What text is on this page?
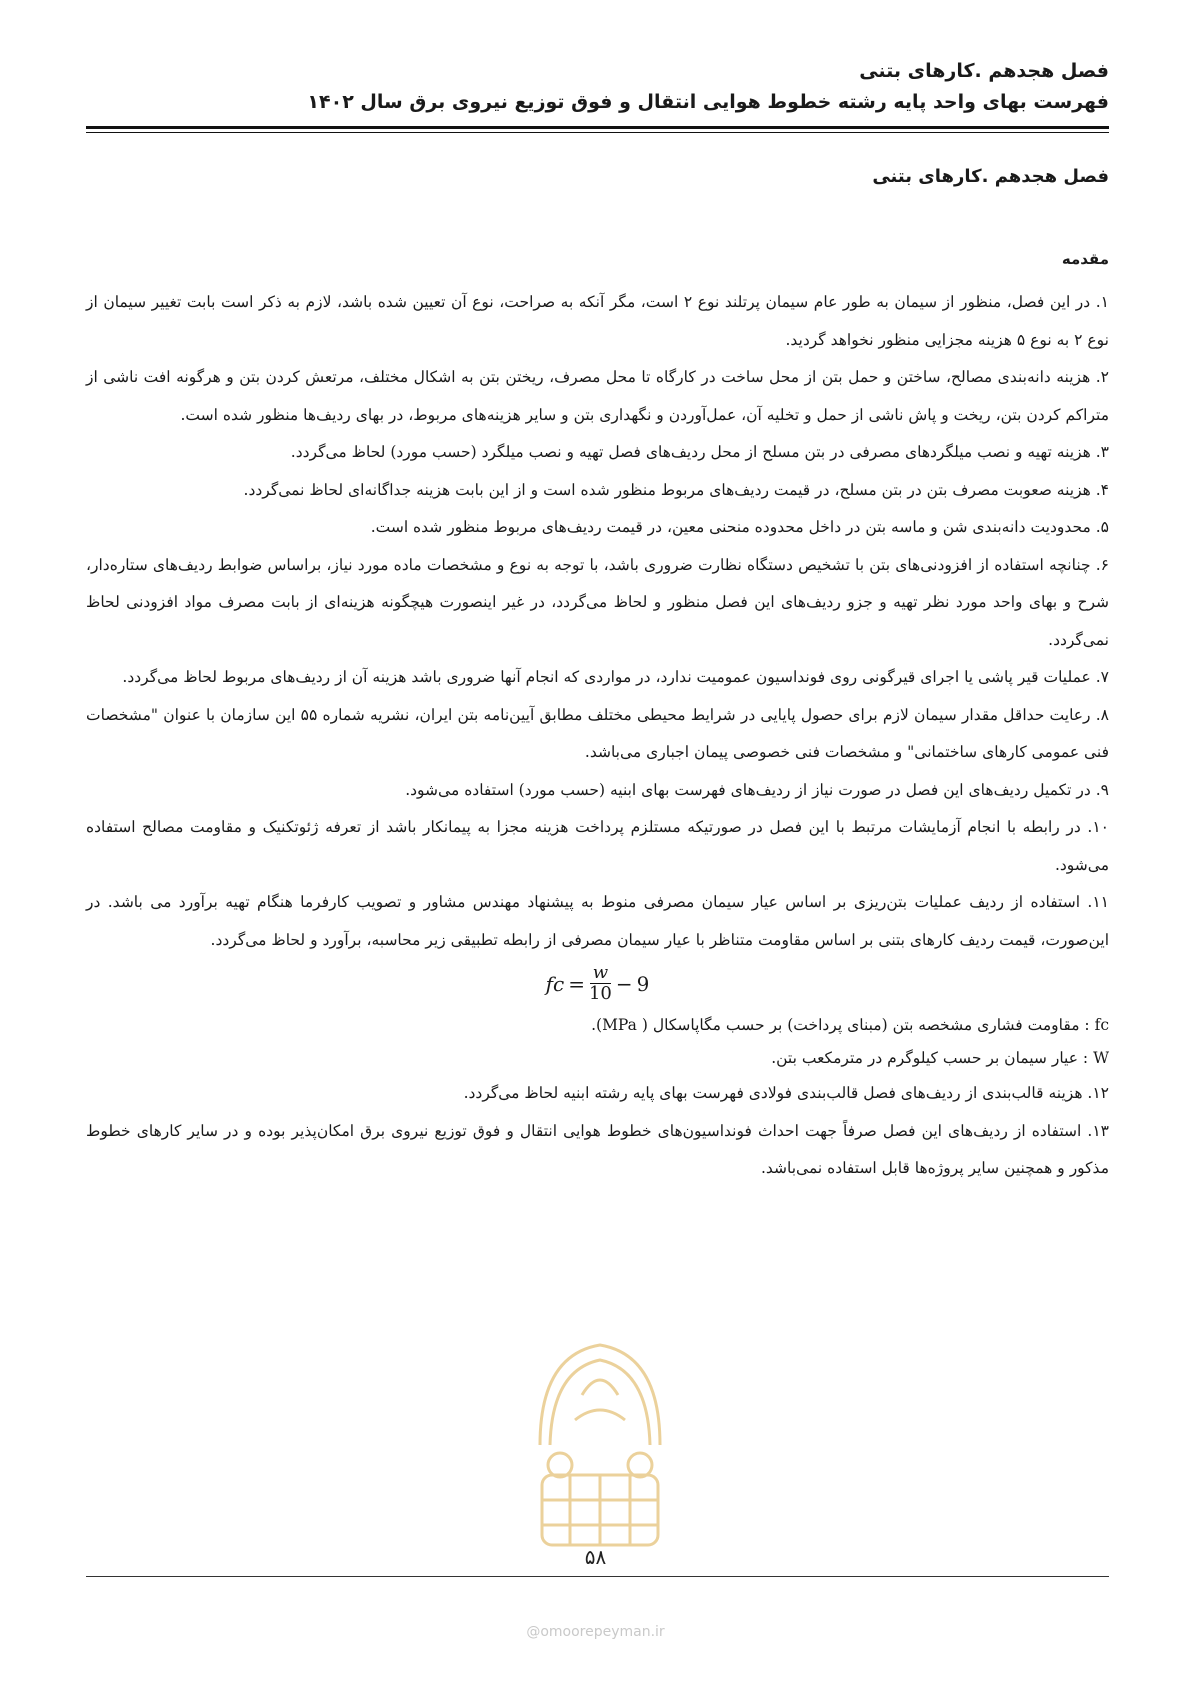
فصل هجدهم .کارهای بتنی
فهرست بهای واحد پایه رشته خطوط هوایی انتقال و فوق توزیع نیروی برق سال ۱۴۰۲
فصل هجدهم .کارهای بتنی
مقدمه

۱. در این فصل، منظور از سیمان به طور عام سیمان پرتلند نوع ۲ است، مگر آنکه به صراحت، نوع آن تعیین شده باشد، لازم به ذکر است بابت تغییر سیمان از نوع ۲ به نوع ۵ هزینه مجزایی منظور نخواهد گردید.

۲. هزینه دانه‌بندی مصالح، ساختن و حمل بتن از محل ساخت در کارگاه تا محل مصرف، ریختن بتن به اشکال مختلف، مرتعش کردن بتن و هرگونه افت ناشی از متراکم کردن بتن، ریخت و پاش ناشی از حمل و تخلیه آن، عمل‌آوردن و نگهداری بتن و سایر هزینه‌های مربوط، در بهای ردیف‌ها منظور شده است.

۳. هزینه تهیه و نصب میلگردهای مصرفی در بتن مسلح از محل ردیف‌های فصل تهیه و نصب میلگرد (حسب مورد) لحاظ می‌گردد.

۴. هزینه صعوبت مصرف بتن در بتن مسلح، در قیمت ردیف‌های مربوط منظور شده است و از این بابت هزینه جداگانه‌ای لحاظ نمی‌گردد.

۵. محدودیت دانه‌بندی شن و ماسه بتن در داخل محدوده منحنی معین، در قیمت ردیف‌های مربوط منظور شده است.

۶. چنانچه استفاده از افزودنی‌های بتن با تشخیص دستگاه نظارت ضروری باشد، با توجه به نوع و مشخصات ماده مورد نیاز، براساس ضوابط ردیف‌های ستاره‌دار، شرح و بهای واحد مورد نظر تهیه و جزو ردیف‌های این فصل منظور و لحاظ می‌گردد، در غیر اینصورت هیچگونه هزینه‌ای از بابت مصرف مواد افزودنی لحاظ نمی‌گردد.

۷. عملیات قیر پاشی یا اجرای قیرگونی روی فونداسیون عمومیت ندارد، در مواردی که انجام آنها ضروری باشد هزینه آن از ردیف‌های مربوط لحاظ می‌گردد.

۸. رعایت حداقل مقدار سیمان لازم برای حصول پایایی در شرایط محیطی مختلف مطابق آیین‌نامه بتن ایران، نشریه شماره ۵۵ این سازمان با عنوان "مشخصات فنی عمومی کارهای ساختمانی" و مشخصات فنی خصوصی پیمان اجباری می‌باشد.

۹. در تکمیل ردیف‌های این فصل در صورت نیاز از ردیف‌های فهرست بهای ابنیه (حسب مورد) استفاده می‌شود.

۱۰. در رابطه با انجام آزمایشات مرتبط با این فصل در صورتیکه مستلزم پرداخت هزینه مجزا به پیمانکار باشد از تعرفه ژئوتکنیک و مقاومت مصالح استفاده می‌شود.

۱۱. استفاده از ردیف عملیات بتن‌ریزی بر اساس عیار سیمان مصرفی منوط به پیشنهاد مهندس مشاور و تصویب کارفرما هنگام تهیه برآورد می باشد. در این‌صورت، قیمت ردیف کارهای بتنی بر اساس مقاومت متناظر با عیار سیمان مصرفی از رابطه تطبیقی زیر محاسبه، برآورد و لحاظ می‌گردد.

fc = $\frac{w}{10} - 9$

fc : مقاومت فشاری مشخصه بتن (مبنای پرداخت) بر حسب مگاپاسکال ( MPa).

W : عیار سیمان بر حسب کیلوگرم در مترمکعب بتن.

۱۲. هزینه قالب‌بندی از ردیف‌های فصل قالب‌بندی فولادی فهرست بهای پایه رشته ابنیه لحاظ می‌گردد.

۱۳. استفاده از ردیف‌های این فصل صرفاً جهت احداث فونداسیون‌های خطوط هوایی انتقال و فوق توزیع نیروی برق امکان‌پذیر بوده و در سایر کارهای خطوط مذکور و همچنین سایر پروژه‌ها قابل استفاده نمی‌باشد.

۵۸
@omoorepeyman.ir
